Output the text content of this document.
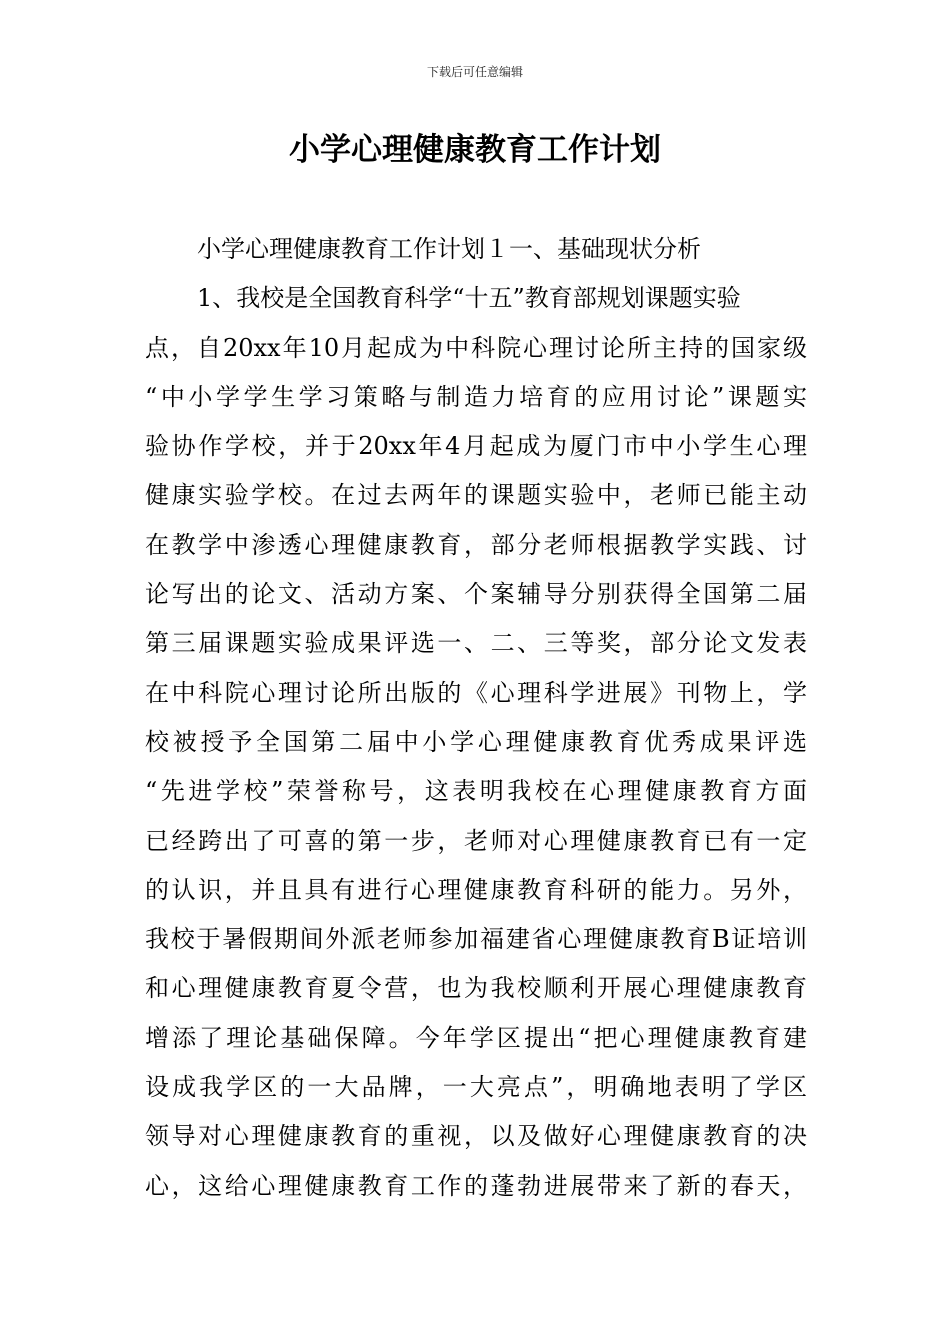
下载后可任意编辑
小学心理健康教育工作计划
小学心理健康教育工作计划１一、基础现状分析
1、我校是全国教育科学“十五”教育部规划课题实验
点，自20xx年10月起成为中科院心理讨论所主持的国家级
“中小学学生学习策略与制造力培育的应用讨论”课题实
验协作学校，并于20xx年4月起成为厦门市中小学生心理
健康实验学校。在过去两年的课题实验中，老师已能主动
在教学中渗透心理健康教育，部分老师根据教学实践、讨
论写出的论文、活动方案、个案辅导分别获得全国第二届
第三届课题实验成果评选一、二、三等奖，部分论文发表
在中科院心理讨论所出版的《心理科学进展》刊物上，学
校被授予全国第二届中小学心理健康教育优秀成果评选
“先进学校”荣誉称号，这表明我校在心理健康教育方面
已经跨出了可喜的第一步，老师对心理健康教育已有一定
的认识，并且具有进行心理健康教育科研的能力。另外，
我校于暑假期间外派老师参加福建省心理健康教育B证培训
和心理健康教育夏令营，也为我校顺利开展心理健康教育
增添了理论基础保障。今年学区提出“把心理健康教育建
设成我学区的一大品牌，一大亮点”，明确地表明了学区
领导对心理健康教育的重视，以及做好心理健康教育的决
心，这给心理健康教育工作的蓬勃进展带来了新的春天，
